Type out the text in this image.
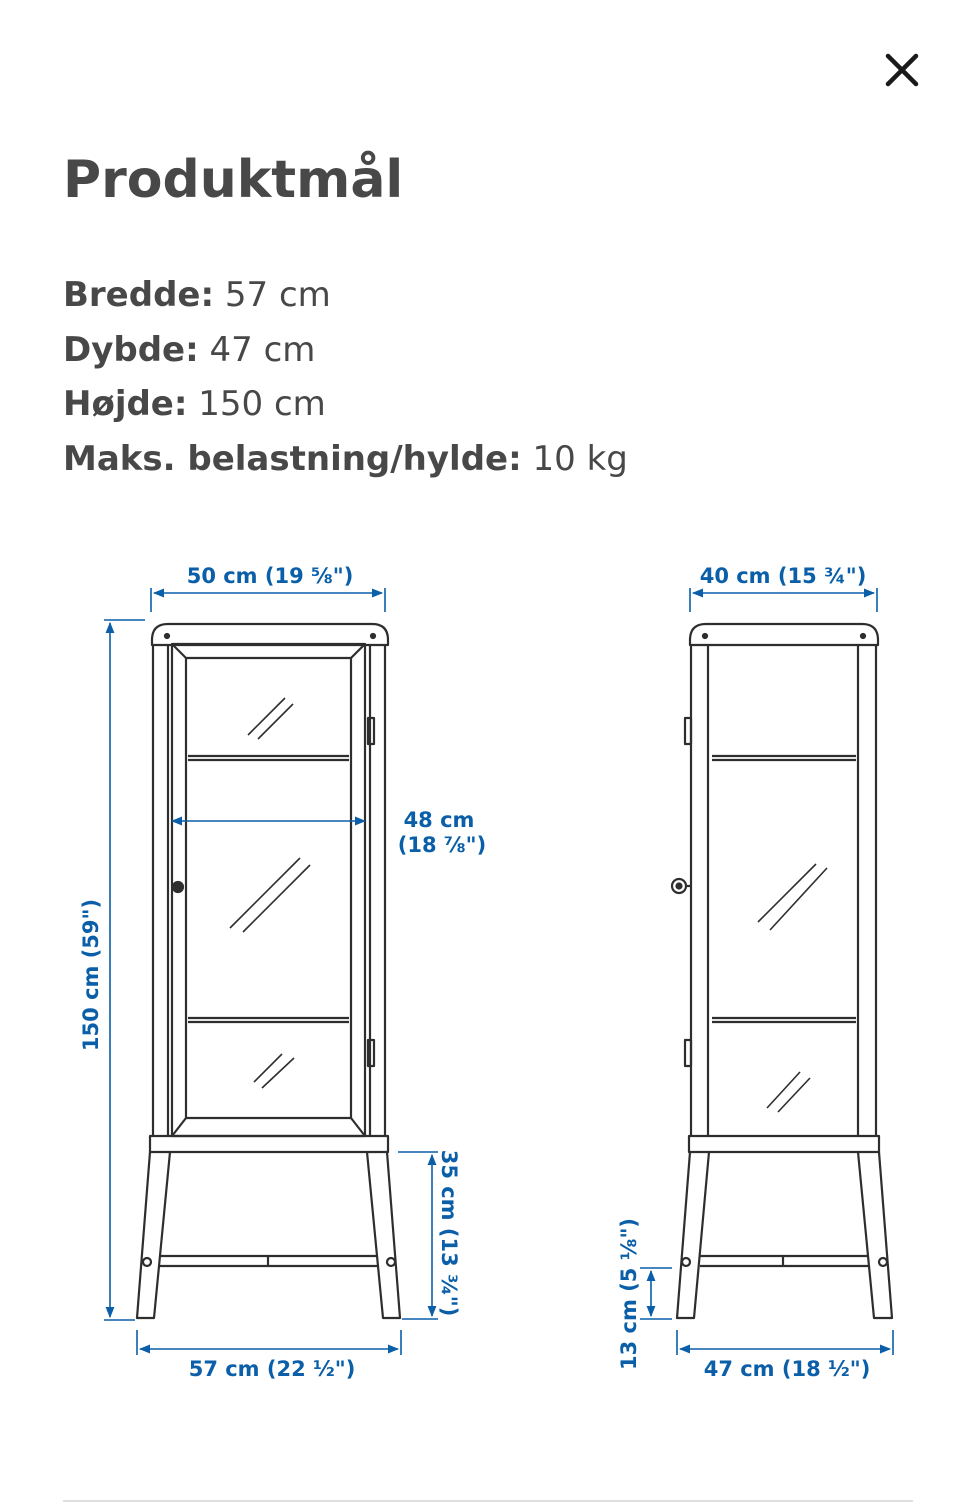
Produktmål
Bredde: 57 cm
Dybde: 47 cm
Højde: 150 cm
Maks. belastning/hylde: 10 kg
50 cm (19 ⅝")
150 cm (59")
48 cm
(18 ⅞")
35 cm (13 ¾")
57 cm (22 ½")
40 cm (15 ¾")
13 cm (5 ⅛")	47 cm (18 ½")
